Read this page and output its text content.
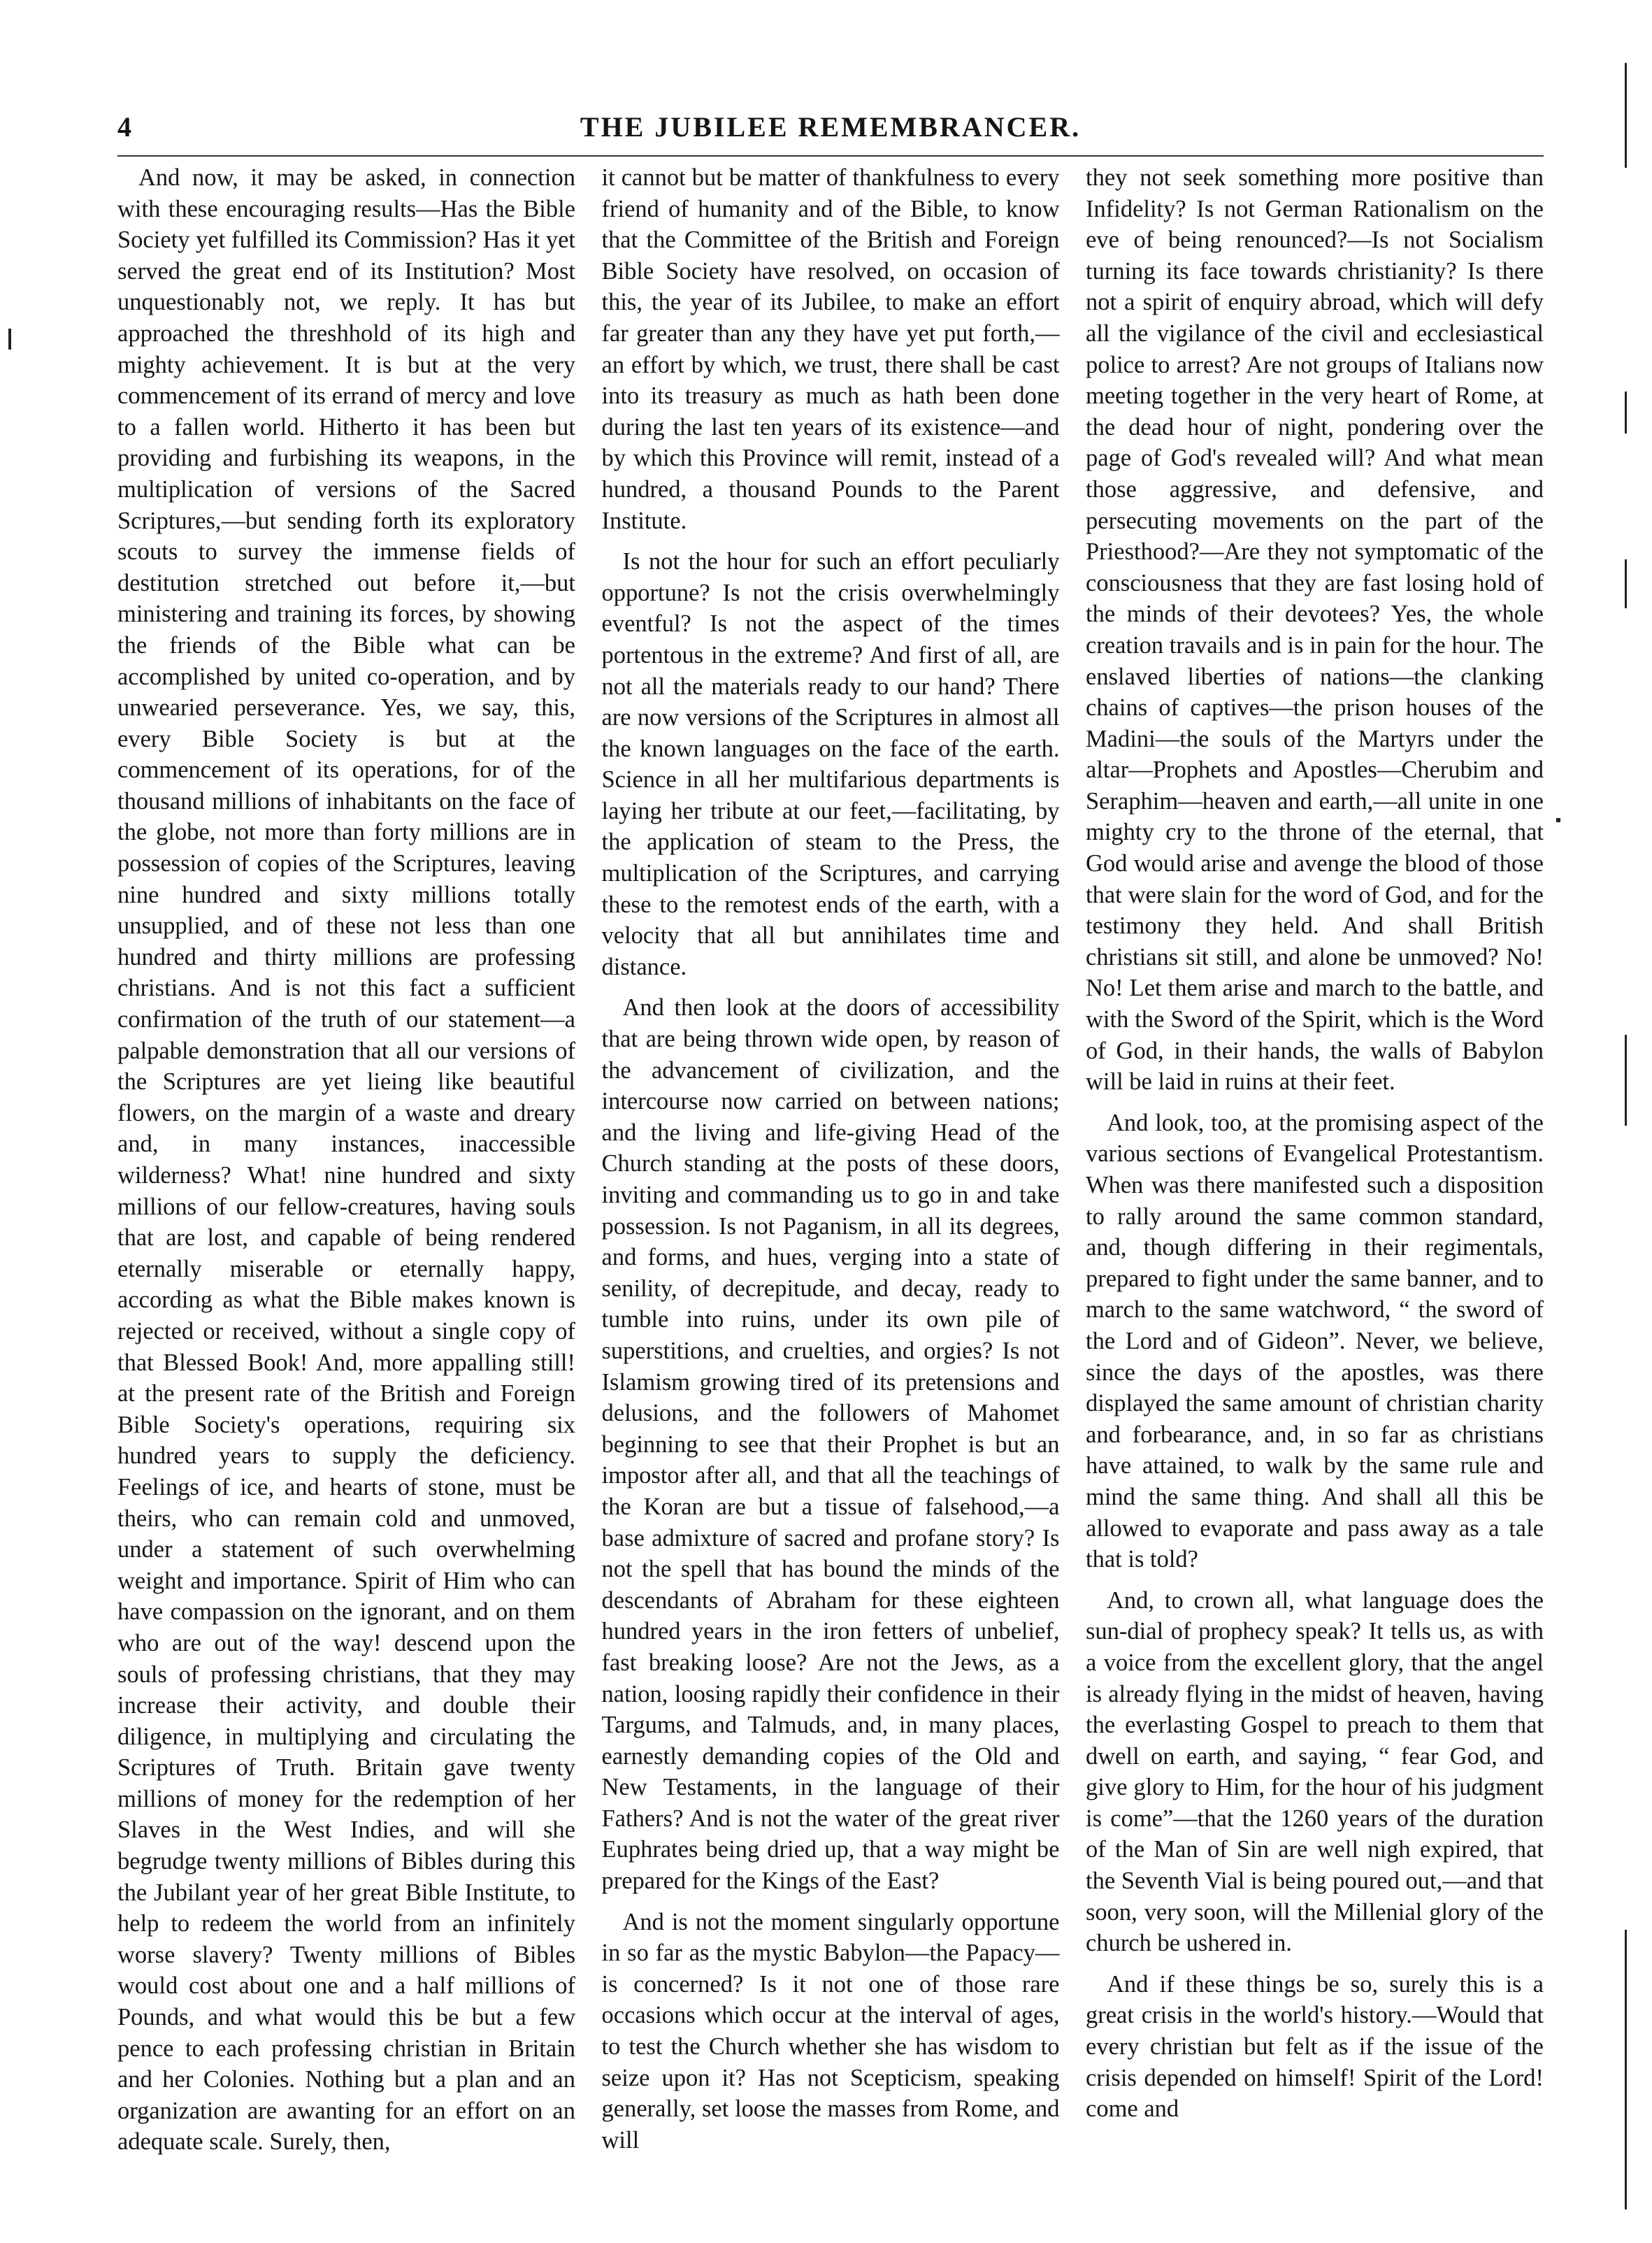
4	THE JUBILEE REMEMBRANCER.

And now, it may be asked, in connection with these encouraging results—Has the Bible Society yet fulfilled its Commission? Has it yet served the great end of its Institution? Most unquestionably not, we reply. It has but approached the threshhold of its high and mighty achievement. It is but at the very commencement of its errand of mercy and love to a fallen world. Hitherto it has been but providing and furbishing its weapons, in the multiplication of versions of the Sacred Scriptures,—but sending forth its exploratory scouts to survey the immense fields of destitution stretched out before it,—but ministering and training its forces, by showing the friends of the Bible what can be accomplished by united co-operation, and by unwearied perseverance. Yes, we say, this, every Bible Society is but at the commencement of its operations, for of the thousand millions of inhabitants on the face of the globe, not more than forty millions are in possession of copies of the Scriptures, leaving nine hundred and sixty millions totally unsupplied, and of these not less than one hundred and thirty millions are professing christians. And is not this fact a sufficient confirmation of the truth of our statement—a palpable demonstration that all our versions of the Scriptures are yet lieing like beautiful flowers, on the margin of a waste and dreary and, in many instances, inaccessible wilderness? What! nine hundred and sixty millions of our fellow-creatures, having souls that are lost, and capable of being rendered eternally miserable or eternally happy, according as what the Bible makes known is rejected or received, without a single copy of that Blessed Book! And, more appalling still! at the present rate of the British and Foreign Bible Society's operations, requiring six hundred years to supply the deficiency. Feelings of ice, and hearts of stone, must be theirs, who can remain cold and unmoved, under a statement of such overwhelming weight and importance. Spirit of Him who can have compassion on the ignorant, and on them who are out of the way! descend upon the souls of professing christians, that they may increase their activity, and double their diligence, in multiplying and circulating the Scriptures of Truth. Britain gave twenty millions of money for the redemption of her Slaves in the West Indies, and will she begrudge twenty millions of Bibles during this the Jubilant year of her great Bible Institute, to help to redeem the world from an infinitely worse slavery? Twenty millions of Bibles would cost about one and a half millions of Pounds, and what would this be but a few pence to each professing christian in Britain and her Colonies. Nothing but a plan and an organization are awanting for an effort on an adequate scale. Surely, then,

it cannot but be matter of thankfulness to every friend of humanity and of the Bible, to know that the Committee of the British and Foreign Bible Society have resolved, on occasion of this, the year of its Jubilee, to make an effort far greater than any they have yet put forth,—an effort by which, we trust, there shall be cast into its treasury as much as hath been done during the last ten years of its existence—and by which this Province will remit, instead of a hundred, a thousand Pounds to the Parent Institute.

Is not the hour for such an effort peculiarly opportune? Is not the crisis overwhelmingly eventful? Is not the aspect of the times portentous in the extreme? And first of all, are not all the materials ready to our hand? There are now versions of the Scriptures in almost all the known languages on the face of the earth. Science in all her multifarious departments is laying her tribute at our feet,—facilitating, by the application of steam to the Press, the multiplication of the Scriptures, and carrying these to the remotest ends of the earth, with a velocity that all but annihilates time and distance.

And then look at the doors of accessibility that are being thrown wide open, by reason of the advancement of civilization, and the intercourse now carried on between nations; and the living and life-giving Head of the Church standing at the posts of these doors, inviting and commanding us to go in and take possession. Is not Paganism, in all its degrees, and forms, and hues, verging into a state of senility, of decrepitude, and decay, ready to tumble into ruins, under its own pile of superstitions, and cruelties, and orgies? Is not Islamism growing tired of its pretensions and delusions, and the followers of Mahomet beginning to see that their Prophet is but an impostor after all, and that all the teachings of the Koran are but a tissue of falsehood,—a base admixture of sacred and profane story? Is not the spell that has bound the minds of the descendants of Abraham for these eighteen hundred years in the iron fetters of unbelief, fast breaking loose? Are not the Jews, as a nation, loosing rapidly their confidence in their Targums, and Talmuds, and, in many places, earnestly demanding copies of the Old and New Testaments, in the language of their Fathers? And is not the water of the great river Euphrates being dried up, that a way might be prepared for the Kings of the East?

And is not the moment singularly opportune in so far as the mystic Babylon—the Papacy—is concerned? Is it not one of those rare occasions which occur at the interval of ages, to test the Church whether she has wisdom to seize upon it? Has not Scepticism, speaking generally, set loose the masses from Rome, and will

they not seek something more positive than Infidelity? Is not German Rationalism on the eve of being renounced?—Is not Socialism turning its face towards christianity? Is there not a spirit of enquiry abroad, which will defy all the vigilance of the civil and ecclesiastical police to arrest? Are not groups of Italians now meeting together in the very heart of Rome, at the dead hour of night, pondering over the page of God's revealed will? And what mean those aggressive, and defensive, and persecuting movements on the part of the Priesthood?—Are they not symptomatic of the consciousness that they are fast losing hold of the minds of their devotees? Yes, the whole creation travails and is in pain for the hour. The enslaved liberties of nations—the clanking chains of captives—the prison houses of the Madini—the souls of the Martyrs under the altar—Prophets and Apostles—Cherubim and Seraphim—heaven and earth,—all unite in one mighty cry to the throne of the eternal, that God would arise and avenge the blood of those that were slain for the word of God, and for the testimony they held. And shall British christians sit still, and alone be unmoved? No! No! Let them arise and march to the battle, and with the Sword of the Spirit, which is the Word of God, in their hands, the walls of Babylon will be laid in ruins at their feet.

And look, too, at the promising aspect of the various sections of Evangelical Protestantism. When was there manifested such a disposition to rally around the same common standard, and, though differing in their regimentals, prepared to fight under the same banner, and to march to the same watchword, “ the sword of the Lord and of Gideon”. Never, we believe, since the days of the apostles, was there displayed the same amount of christian charity and forbearance, and, in so far as christians have attained, to walk by the same rule and mind the same thing. And shall all this be allowed to evaporate and pass away as a tale that is told?

And, to crown all, what language does the sun-dial of prophecy speak? It tells us, as with a voice from the excellent glory, that the angel is already flying in the midst of heaven, having the everlasting Gospel to preach to them that dwell on earth, and saying, “ fear God, and give glory to Him, for the hour of his judgment is come”—that the 1260 years of the duration of the Man of Sin are well nigh expired, that the Seventh Vial is being poured out,—and that soon, very soon, will the Millenial glory of the church be ushered in.

And if these things be so, surely this is a great crisis in the world's history.—Would that every christian but felt as if the issue of the crisis depended on himself! Spirit of the Lord! come and
